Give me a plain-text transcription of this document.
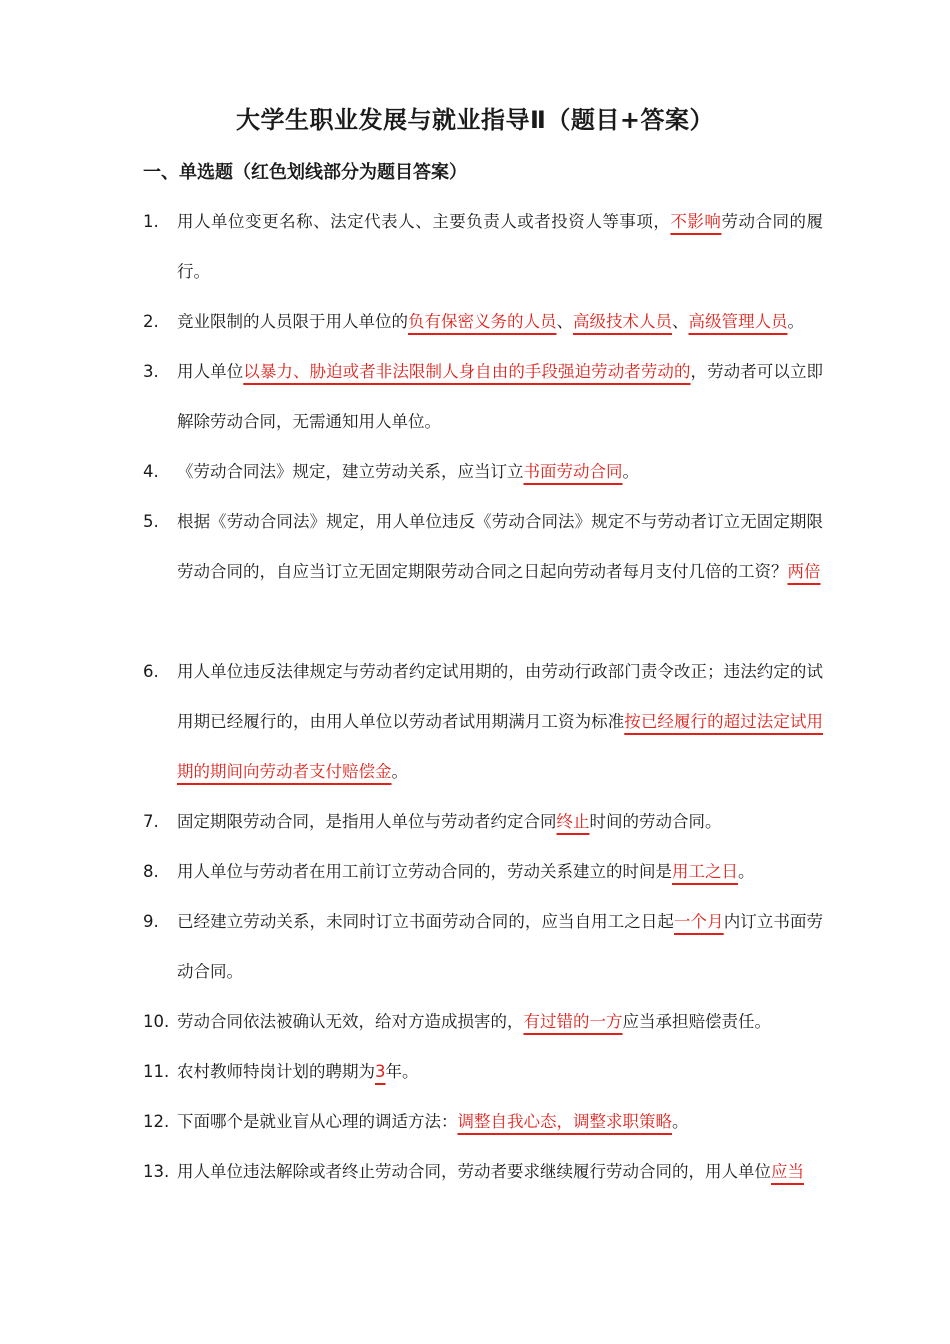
大学生职业发展与就业指导Ⅱ（题目+答案）
一、单选题（红色划线部分为题目答案）
1.	用人单位变更名称、法定代表人、主要负责人或者投资人等事项，不影响劳动合同的履行。
2.	竞业限制的人员限于用人单位的负有保密义务的人员、高级技术人员、高级管理人员。
3.	用人单位以暴力、胁迫或者非法限制人身自由的手段强迫劳动者劳动的，劳动者可以立即解除劳动合同，无需通知用人单位。
4.	《劳动合同法》规定，建立劳动关系，应当订立书面劳动合同。
5.	根据《劳动合同法》规定，用人单位违反《劳动合同法》规定不与劳动者订立无固定期限劳动合同的，自应当订立无固定期限劳动合同之日起向劳动者每月支付几倍的工资？两倍
6.	用人单位违反法律规定与劳动者约定试用期的，由劳动行政部门责令改正；违法约定的试用期已经履行的，由用人单位以劳动者试用期满月工资为标准按已经履行的超过法定试用期的期间向劳动者支付赔偿金。
7.	固定期限劳动合同，是指用人单位与劳动者约定合同终止时间的劳动合同。
8.	用人单位与劳动者在用工前订立劳动合同的，劳动关系建立的时间是用工之日。
9.	已经建立劳动关系，未同时订立书面劳动合同的，应当自用工之日起一个月内订立书面劳动合同。
10. 劳动合同依法被确认无效，给对方造成损害的，有过错的一方应当承担赔偿责任。
11. 农村教师特岗计划的聘期为3年。
12. 下面哪个是就业盲从心理的调适方法：调整自我心态，调整求职策略。
13. 用人单位违法解除或者终止劳动合同，劳动者要求继续履行劳动合同的，用人单位应当
